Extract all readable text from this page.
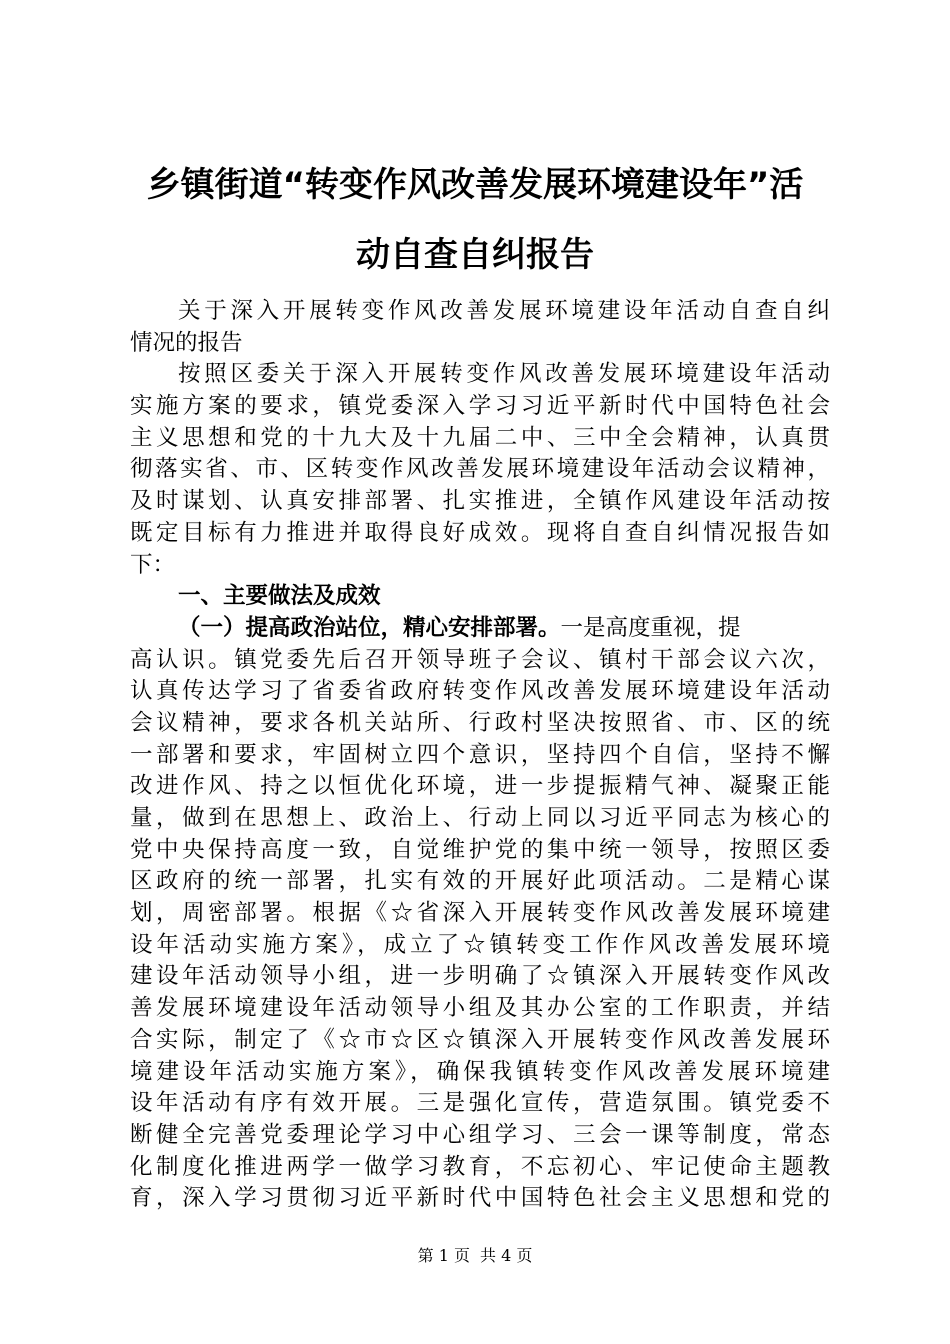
乡镇街道“转变作风改善发展环境建设年”活
动自查自纠报告
关于深入开展转变作风改善发展环境建设年活动自查自纠
情况的报告
按照区委关于深入开展转变作风改善发展环境建设年活动
实施方案的要求，镇党委深入学习习近平新时代中国特色社会
主义思想和党的十九大及十九届二中、三中全会精神，认真贯
彻落实省、市、区转变作风改善发展环境建设年活动会议精神，
及时谋划、认真安排部署、扎实推进，全镇作风建设年活动按
既定目标有力推进并取得良好成效。现将自查自纠情况报告如
下：
一、主要做法及成效
（一）提高政治站位，精心安排部署。一是高度重视，提
高认识。镇党委先后召开领导班子会议、镇村干部会议六次，
认真传达学习了省委省政府转变作风改善发展环境建设年活动
会议精神，要求各机关站所、行政村坚决按照省、市、区的统
一部署和要求，牢固树立四个意识，坚持四个自信，坚持不懈
改进作风、持之以恒优化环境，进一步提振精气神、凝聚正能
量，做到在思想上、政治上、行动上同以习近平同志为核心的
党中央保持高度一致，自觉维护党的集中统一领导，按照区委
区政府的统一部署，扎实有效的开展好此项活动。二是精心谋
划，周密部署。根据《☆省深入开展转变作风改善发展环境建
设年活动实施方案》，成立了☆镇转变工作作风改善发展环境
建设年活动领导小组，进一步明确了☆镇深入开展转变作风改
善发展环境建设年活动领导小组及其办公室的工作职责，并结
合实际，制定了《☆市☆区☆镇深入开展转变作风改善发展环
境建设年活动实施方案》，确保我镇转变作风改善发展环境建
设年活动有序有效开展。三是强化宣传，营造氛围。镇党委不
断健全完善党委理论学习中心组学习、三会一课等制度，常态
化制度化推进两学一做学习教育，不忘初心、牢记使命主题教
育，深入学习贯彻习近平新时代中国特色社会主义思想和党的
第 1 页 共 4 页
